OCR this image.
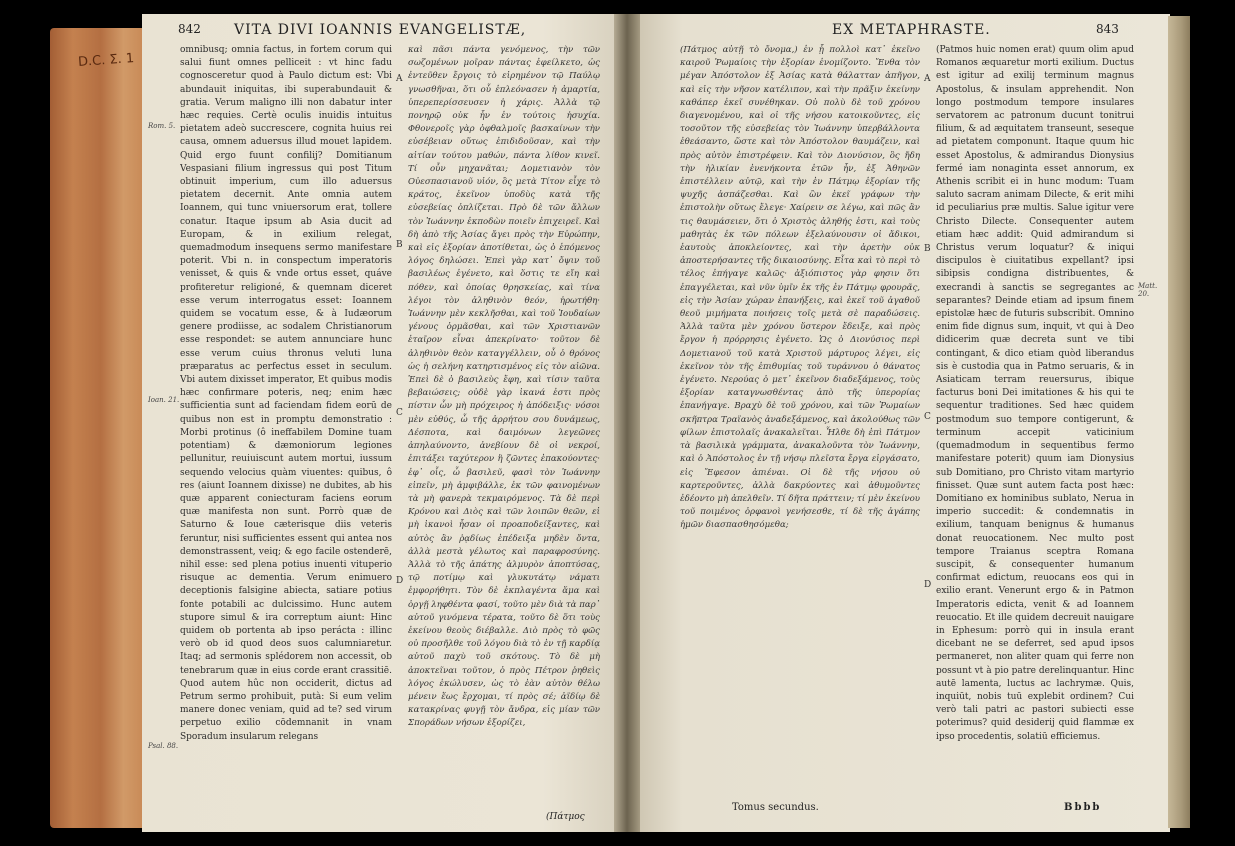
D.C. Σ. 1
842 VITA DIVI IOANNIS EVANGELISTÆ,
Rom. 5.
Ioan. 21.
Psal. 88.

omnibusq; omnia factus, in fortem corum qui salui fiunt omnes pelliceit : vt hinc fadu cognosceretur quod à Paulo dictum est: Vbi abundauit iniquitas, ibi superabundauit & gratia. Verum maligno illi non dabatur inter hæc requies. Certè oculis inuidis intuitus pietatem adeò succrescere, cognita huius rei causa, omnem aduersus illud mouet lapidem. Quid ergo fuunt confilij? Domitianum Vespasiani filium ingressus qui post Titum obtinuit imperium, cum illo aduersus pietatem decernit. Ante omnia autem Ioannem, qui tunc vniuersorum erat, tollere conatur. Itaque ipsum ab Asia ducit ad Europam, & in exilium relegat, quemadmodum insequens sermo manifestare poterit. Vbi n. in conspectum imperatoris venisset, & quis & vnde ortus esset, quáve profiteretur religioné, & quemnam diceret esse verum interrogatus esset: Ioannem quidem se vocatum esse, & à Iudæorum genere prodiisse, ac sodalem Christianorum esse respondet: se autem annunciare hunc esse verum cuius thronus veluti luna præparatus ac perfectus esset in seculum. Vbi autem dixisset imperator, Et quibus modis hæc confirmare poteris, neq; enim hæc sufficientia sunt ad faciendam fidem eorū de quibus non est in promptu demonstratio : Morbi protinus (ô ineffabilem Domine tuam potentiam) & dæmoniorum legiones pellunitur, reuiuiscunt autem mortui, iussum sequendo velocius quàm viuentes: quibus, ô res (aiunt Ioannem dixisse) ne dubites, ab his quæ apparent coniecturam faciens eorum quæ manifesta non sunt. Porrò quæ de Saturno & Ioue cæterisque diis veteris feruntur, nisi sufficientes essent qui antea nos demonstrassent, veiq; & ego facile ostenderē, nihil esse: sed plena potius inuenti vituperio risuque ac dementia. Verum enimuero deceptionis falsigine abiecta, satiare potius fonte potabili ac dulcissimo. Hunc autem stupore simul & ira correptum aiunt: Hinc quidem ob portenta ab ipso perácta : illinc verò ob id quod deos suos calumniaretur. Itaq; ad sermonis splédorem non accessit, ob tenebrarum quæ in eius corde erant crassitiē. Quod autem hûc non occiderit, dictus ad Petrum sermo prohibuit, putà: Si eum velim manere donec veniam, quid ad te? sed virum perpetuo exilio cōdemnanit in vnam Sporadum insularum relegans

A
B
C
D

καὶ πᾶσι πάντα γενόμενος, τὴν τῶν σωζομένων μοῖραν πάντας ἐφείλκετο, ὡς ἐντεῦθεν ἔργοις τὸ εἰρημένον τῷ Παύλῳ γνωσθῆναι, ὅτι οὗ ἐπλεόνασεν ἡ ἁμαρτία, ὑπερεπερίσσευσεν ἡ χάρις. Ἀλλὰ τῷ πονηρῷ οὐκ ἦν ἐν τούτοις ἡσυχία. Φθονεροῖς γὰρ ὀφθαλμοῖς βασκαίνων τὴν εὐσέβειαν οὕτως ἐπιδιδοῦσαν, καὶ τὴν αἰτίαν τούτου μαθών, πάντα λίθον κινεῖ. Τί οὖν μηχανᾶται; Δομετιανὸν τὸν Οὐεσπασιανοῦ υἱόν, ὃς μετὰ Τίτον εἶχε τὸ κράτος, ἐκεῖνον ὑποδὺς κατὰ τῆς εὐσεβείας ὁπλίζεται. Πρὸ δὲ τῶν ἄλλων τὸν Ἰωάννην ἐκποδὼν ποιεῖν ἐπιχειρεῖ. Καὶ δὴ ἀπὸ τῆς Ἀσίας ἄγει πρὸς τὴν Εὐρώπην, καὶ εἰς ἐξορίαν ἀποτίθεται, ὡς ὁ ἑπόμενος λόγος δηλώσει. Ἐπεὶ γὰρ κατ᾿ ὄψιν τοῦ βασιλέως ἐγένετο, καὶ ὅστις τε εἴη καὶ πόθεν, καὶ ὁποίας θρησκείας, καὶ τίνα λέγοι τὸν ἀληθινὸν θεόν, ἠρωτήθη· Ἰωάννην μὲν κεκλῆσθαι, καὶ τοῦ Ἰουδαίων γένους ὁρμᾶσθαι, καὶ τῶν Χριστιανῶν ἑταῖρον εἶναι ἀπεκρίνατο· τοῦτον δὲ ἀληθινὸν θεὸν καταγγέλλειν, οὗ ὁ θρόνος ὡς ἡ σελήνη κατηρτισμένος εἰς τὸν αἰῶνα. Ἐπεὶ δὲ ὁ βασιλεὺς ἔφη, καὶ τίσιν ταῦτα βεβαιώσεις; οὐδὲ γὰρ ἱκανά ἐστι πρὸς πίστιν ὧν μὴ πρόχειρος ἡ ἀπόδειξις· νόσοι μὲν εὐθύς, ὦ τῆς ἀρρήτου σου δυνάμεως, Δέσποτα, καὶ δαιμόνων λεγεῶνες ἀπηλαύνοντο, ἀνεβίουν δὲ οἱ νεκροί, ἐπιτάξει ταχύτερον ἢ ζῶντες ἐπακούοντες· ἐφ᾿ οἷς, ὦ βασιλεῦ, φασὶ τὸν Ἰωάννην εἰπεῖν, μὴ ἀμφιβάλλε, ἐκ τῶν φαινομένων τὰ μὴ φανερὰ τεκμαιρόμενος. Τὰ δὲ περὶ Κρόνου καὶ Διὸς καὶ τῶν λοιπῶν θεῶν, εἰ μὴ ἱκανοὶ ἦσαν οἱ προαποδείξαντες, καὶ αὐτὸς ἂν ῥᾳδίως ἐπέδειξα μηδὲν ὄντα, ἀλλὰ μεστὰ γέλωτος καὶ παραφροσύνης. Ἀλλὰ τὸ τῆς ἀπάτης ἁλμυρὸν ἀποπτύσας, τῷ ποτίμῳ καὶ γλυκυτάτῳ νάματι ἐμφορήθητι. Τὸν δὲ ἐκπλαγέντα ἅμα καὶ ὀργῇ ληφθέντα φασί, τοῦτο μὲν διὰ τὰ παρ᾿ αὐτοῦ γινόμενα τέρατα, τοῦτο δὲ ὅτι τοὺς ἐκείνου θεοὺς διέβαλλε. Διὸ πρὸς τὸ φῶς οὐ προσῆλθε τοῦ λόγου διὰ τὸ ἐν τῇ καρδίᾳ αὐτοῦ παχὺ τοῦ σκότους. Τὸ δὲ μὴ ἀποκτεῖναι τοῦτον, ὁ πρὸς Πέτρον ῥηθεὶς λόγος ἐκώλυσεν, ὡς τὸ ἐὰν αὐτὸν θέλω μένειν ἕως ἔρχομαι, τί πρὸς σέ; ἀϊδίῳ δὲ κατακρίνας φυγῇ τὸν ἄνδρα, εἰς μίαν τῶν Σποράδων νήσων ἐξορίζει,

(Πάτμος
EX METAPHRASTE.	843

(Πάτμος αὐτῇ τὸ ὄνομα,) ἐν ᾗ πολλοὶ κατ᾿ ἐκεῖνο καιροῦ Ῥωμαίοις τὴν ἐξορίαν ἐνομίζοντο. Ἔνθα τὸν μέγαν Ἀπόστολον ἐξ Ἀσίας κατὰ θάλατταν ἀπῆγον, καὶ εἰς τὴν νῆσον κατέλιπον, καὶ τὴν πρᾶξιν ἐκείνην καθάπερ ἐκεῖ συνέθηκαν. Οὐ πολὺ δὲ τοῦ χρόνου διαγενομένου, καὶ οἱ τῆς νήσου κατοικοῦντες, εἰς τοσοῦτον τῆς εὐσεβείας τὸν Ἰωάννην ὑπερβάλλοντα ἐθεάσαντο, ὥστε καὶ τὸν Ἀπόστολον θαυμάζειν, καὶ πρὸς αὐτὸν ἐπιστρέφειν. Καὶ τὸν Διονύσιον, ὃς ἤδη τὴν ἡλικίαν ἐνενήκοντα ἐτῶν ἦν, ἐξ Ἀθηνῶν ἐπιστέλλειν αὐτῷ, καὶ τὴν ἐν Πάτμῳ ἐξορίαν τῆς ψυχῆς ἀσπάζεσθαι. Καὶ ὢν ἐκεῖ γράφων τὴν ἐπιστολὴν οὕτως ἔλεγε· Χαίρειν σε λέγω, καὶ πῶς ἂν τις θαυμάσειεν, ὅτι ὁ Χριστὸς ἀληθής ἐστι, καὶ τοὺς μαθητὰς ἐκ τῶν πόλεων ἐξελαύνουσιν οἱ ἄδικοι, ἑαυτοὺς ἀποκλείοντες, καὶ τὴν ἀρετὴν οὐκ ἀποστερήσαντες τῆς δικαιοσύνης. Εἶτα καὶ τὸ περὶ τὸ τέλος ἐπήγαγε καλῶς· ἀξιόπιστος γὰρ φησιν ὅτι ἐπαγγέλεται, καὶ νῦν ὑμῖν ἐκ τῆς ἐν Πάτμῳ φρουρᾶς, εἰς τὴν Ἀσίαν χώραν ἐπανήξεις, καὶ ἐκεῖ τοῦ ἀγαθοῦ θεοῦ μιμήματα ποιήσεις τοῖς μετὰ σὲ παραδώσεις. Ἀλλὰ ταῦτα μὲν χρόνου ὕστερον ἔδειξε, καὶ πρὸς ἔργον ἡ πρόρρησις ἐγένετο. Ὡς ὁ Διονύσιος περὶ Δομετιανοῦ τοῦ κατὰ Χριστοῦ μάρτυρος λέγει, εἰς ἐκεῖνον τὸν τῆς ἐπιθυμίας τοῦ τυράννου ὁ θάνατος ἐγένετο. Νερούας ὁ μετ᾿ ἐκεῖνον διαδεξάμενος, τοὺς ἐξορίαν καταγνωσθέντας ἀπὸ τῆς ὑπερορίας ἐπανήγαγε. Βραχὺ δὲ τοῦ χρόνου, καὶ τῶν Ῥωμαίων σκῆπτρα Τραϊανὸς ἀναδεξάμενος, καὶ ἀκολούθως τῶν φίλων ἐπιστολαῖς ἀνακαλεῖται. Ἦλθε δὴ ἐπὶ Πάτμον τὰ βασιλικὰ γράμματα, ἀνακαλοῦντα τὸν Ἰωάννην, καὶ ὁ Ἀπόστολος ἐν τῇ νήσῳ πλεῖστα ἔργα εἰργάσατο, εἰς Ἔφεσον ἀπιέναι. Οἱ δὲ τῆς νήσου οὐ καρτεροῦντες, ἀλλὰ δακρύοντες καὶ ἀθυμοῦντες ἐδέοντο μὴ ἀπελθεῖν. Τί δῆτα πράττειν; τί μὲν ἐκείνου τοῦ ποιμένος ὀρφανοὶ γενήσεσθε, τί δὲ τῆς ἀγάπης ἡμῶν διασπασθησόμεθα;

A
B
C
D

(Patmos huic nomen erat) quum olim apud Romanos æquaretur morti exilium. Ductus est igitur ad exilij terminum magnus Apostolus, & insulam apprehendit. Non longo postmodum tempore insulares servatorem ac patronum ducunt tonitrui filium, & ad æquitatem transeunt, seseque ad pietatem componunt. Itaque quum hic esset Apostolus, & admirandus Dionysius fermé iam nonaginta esset annorum, ex Athenis scribit ei in hunc modum: Tuam saluto sacram animam Dilecte, & erit mihi id peculiarius præ multis. Salue igitur vere Christo Dilecte. Consequenter autem etiam hæc addit: Quid admirandum si Christus verum loquatur? & iniqui discipulos è ciuitatibus expellant? ipsi sibipsis condigna distribuentes, & execrandi à sanctis se segregantes ac separantes? Deinde etiam ad ipsum finem epistolæ hæc de futuris subscribit. Omnino enim fide dignus sum, inquit, vt qui à Deo didicerim quæ decreta sunt ve tibi contingant, & dico etiam quòd liberandus sis è custodia qua in Patmo seruaris, & in Asiaticam terram reuersurus, ibique facturus boni Dei imitationes & his qui te sequentur traditiones. Sed hæc quidem postmodum suo tempore contigerunt, & terminum accepit vaticinium (quemadmodum in sequentibus fermo manifestare poterit) quum iam Dionysius sub Domitiano, pro Christo vitam martyrio finisset. Quæ sunt autem facta post hæc: Domitiano ex hominibus sublato, Nerua in imperio succedit: & condemnatis in exilium, tanquam benignus & humanus donat reuocationem. Nec multo post tempore Traianus sceptra Romana suscipit, & consequenter humanum confirmat edictum, reuocans eos qui in exilio erant. Venerunt ergo & in Patmon Imperatoris edicta, venit & ad Ioannem reuocatio. Et ille quidem decreuit nauigare in Ephesum: porrò qui in insula erant dicebant ne se deferret, sed apud ipsos permaneret, non aliter quam qui ferre non possunt vt à pio patre derelinquantur. Hinc autē lamenta, luctus ac lachrymæ. Quis, inquiūt, nobis tuū explebit ordinem? Cui verò tali patri ac pastori subiecti esse poterimus? quid desiderij quid flammæ ex ipso procedentis, solatiū efficiemus.

Matt. 20.
Tomus secundus.	Bbbb
